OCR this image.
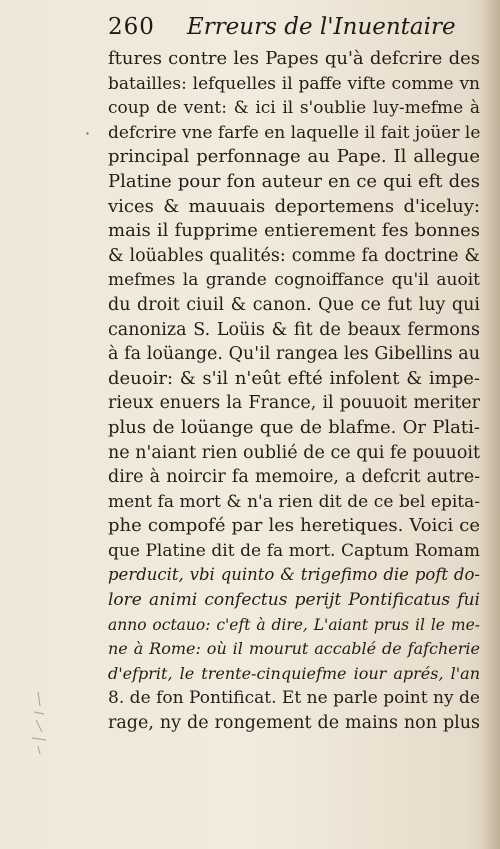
260 Erreurs de l'Inuentaire
·
ftures contre les Papes qu'à defcrire des
batailles: lefquelles il paffe vifte comme vn
coup de vent: & ici il s'oublie luy-mefme à
defcrire vne farfe en laquelle il fait joüer le
principal perfonnage au Pape. Il allegue
Platine pour fon auteur en ce qui eft des
vices & mauuais deportemens d'iceluy:
mais il fupprime entierement fes bonnes
& loüables qualités: comme fa doctrine &
mefmes la grande cognoiffance qu'il auoit
du droit ciuil & canon. Que ce fut luy qui
canoniza S. Loüis & fit de beaux fermons
à fa loüange. Qu'il rangea les Gibellins au
deuoir: & s'il n'eût efté infolent & impe-
rieux enuers la France, il pouuoit meriter
plus de loüange que de blafme. Or Plati-
ne n'aiant rien oublié de ce qui fe pouuoit
dire à noircir fa memoire, a defcrit autre-
ment fa mort & n'a rien dit de ce bel epita-
phe compofé par les heretiques. Voici ce
que Platine dit de fa mort. Captum Romam
perducit, vbi quinto & trigefimo die poft do-
lore animi confectus perijt Pontificatus fui
anno octauo: c'eft à dire, L'aiant prus il le me-
ne à Rome: où il mourut accablé de fafcherie
d'efprit, le trente-cinquiefme iour aprés, l'an
8. de fon Pontificat. Et ne parle point ny de
rage, ny de rongement de mains non plus
